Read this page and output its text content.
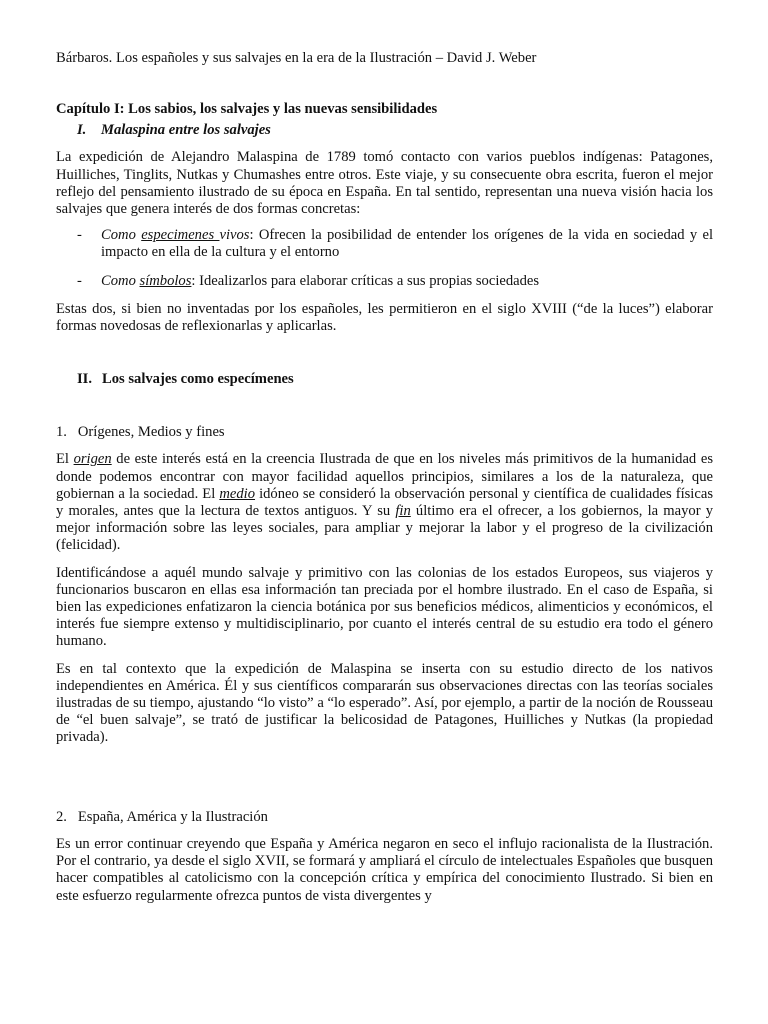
Bárbaros. Los españoles y sus salvajes en la era de la Ilustración – David J. Weber

Capítulo I: Los sabios, los salvajes y las nuevas sensibilidades

I.	Malaspina entre los salvajes

La expedición de Alejandro Malaspina de 1789 tomó contacto con varios pueblos indígenas: Patagones, Huilliches, Tinglits, Nutkas y Chumashes entre otros. Este viaje, y su consecuente obra escrita, fueron el mejor reflejo del pensamiento ilustrado de su época en España. En tal sentido, representan una nueva visión hacia los salvajes que genera interés de dos formas concretas:

-	Como especimenes vivos: Ofrecen la posibilidad de entender los orígenes de la vida en sociedad y el impacto en ella de la cultura y el entorno
-	Como símbolos: Idealizarlos para elaborar críticas a sus propias sociedades

Estas dos, si bien no inventadas por los españoles, les permitieron en el siglo XVIII (“de la luces”) elaborar formas novedosas de reflexionarlas y aplicarlas.

II. Los salvajes como especímenes

1.   Orígenes, Medios y fines

El origen de este interés está en la creencia Ilustrada de que en los niveles más primitivos de la humanidad es donde podemos encontrar con mayor facilidad aquellos principios, similares a los de la naturaleza, que gobiernan a la sociedad. El medio idóneo se consideró la observación personal y científica de cualidades físicas y morales, antes que la lectura de textos antiguos. Y su fin último era el ofrecer, a los gobiernos, la mayor y mejor información sobre las leyes sociales, para ampliar y mejorar la labor y el progreso de la civilización (felicidad).

Identificándose a aquél mundo salvaje y primitivo con las colonias de los estados Europeos, sus viajeros y funcionarios buscaron en ellas esa información tan preciada por el hombre ilustrado. En el caso de España, si bien las expediciones enfatizaron la ciencia botánica por sus beneficios médicos, alimenticios y económicos, el interés fue siempre extenso y multidisciplinario, por cuanto el interés central de su estudio era todo el género humano.

Es en tal contexto que la expedición de Malaspina se inserta con su estudio directo de los nativos independientes en América. Él y sus científicos compararán sus observaciones directas con las teorías sociales ilustradas de su tiempo, ajustando “lo visto” a “lo esperado”. Así, por ejemplo, a partir de la noción de Rousseau de “el buen salvaje”, se trató de justificar la belicosidad de Patagones, Huilliches y Nutkas (la propiedad privada).

2.   España, América y la Ilustración

Es un error continuar creyendo que España y América negaron en seco el influjo racionalista de la Ilustración. Por el contrario, ya desde el siglo XVII, se formará y ampliará el círculo de intelectuales Españoles que busquen hacer compatibles al catolicismo con la concepción crítica y empírica del conocimiento Ilustrado. Si bien en este esfuerzo regularmente ofrezca puntos de vista divergentes y
